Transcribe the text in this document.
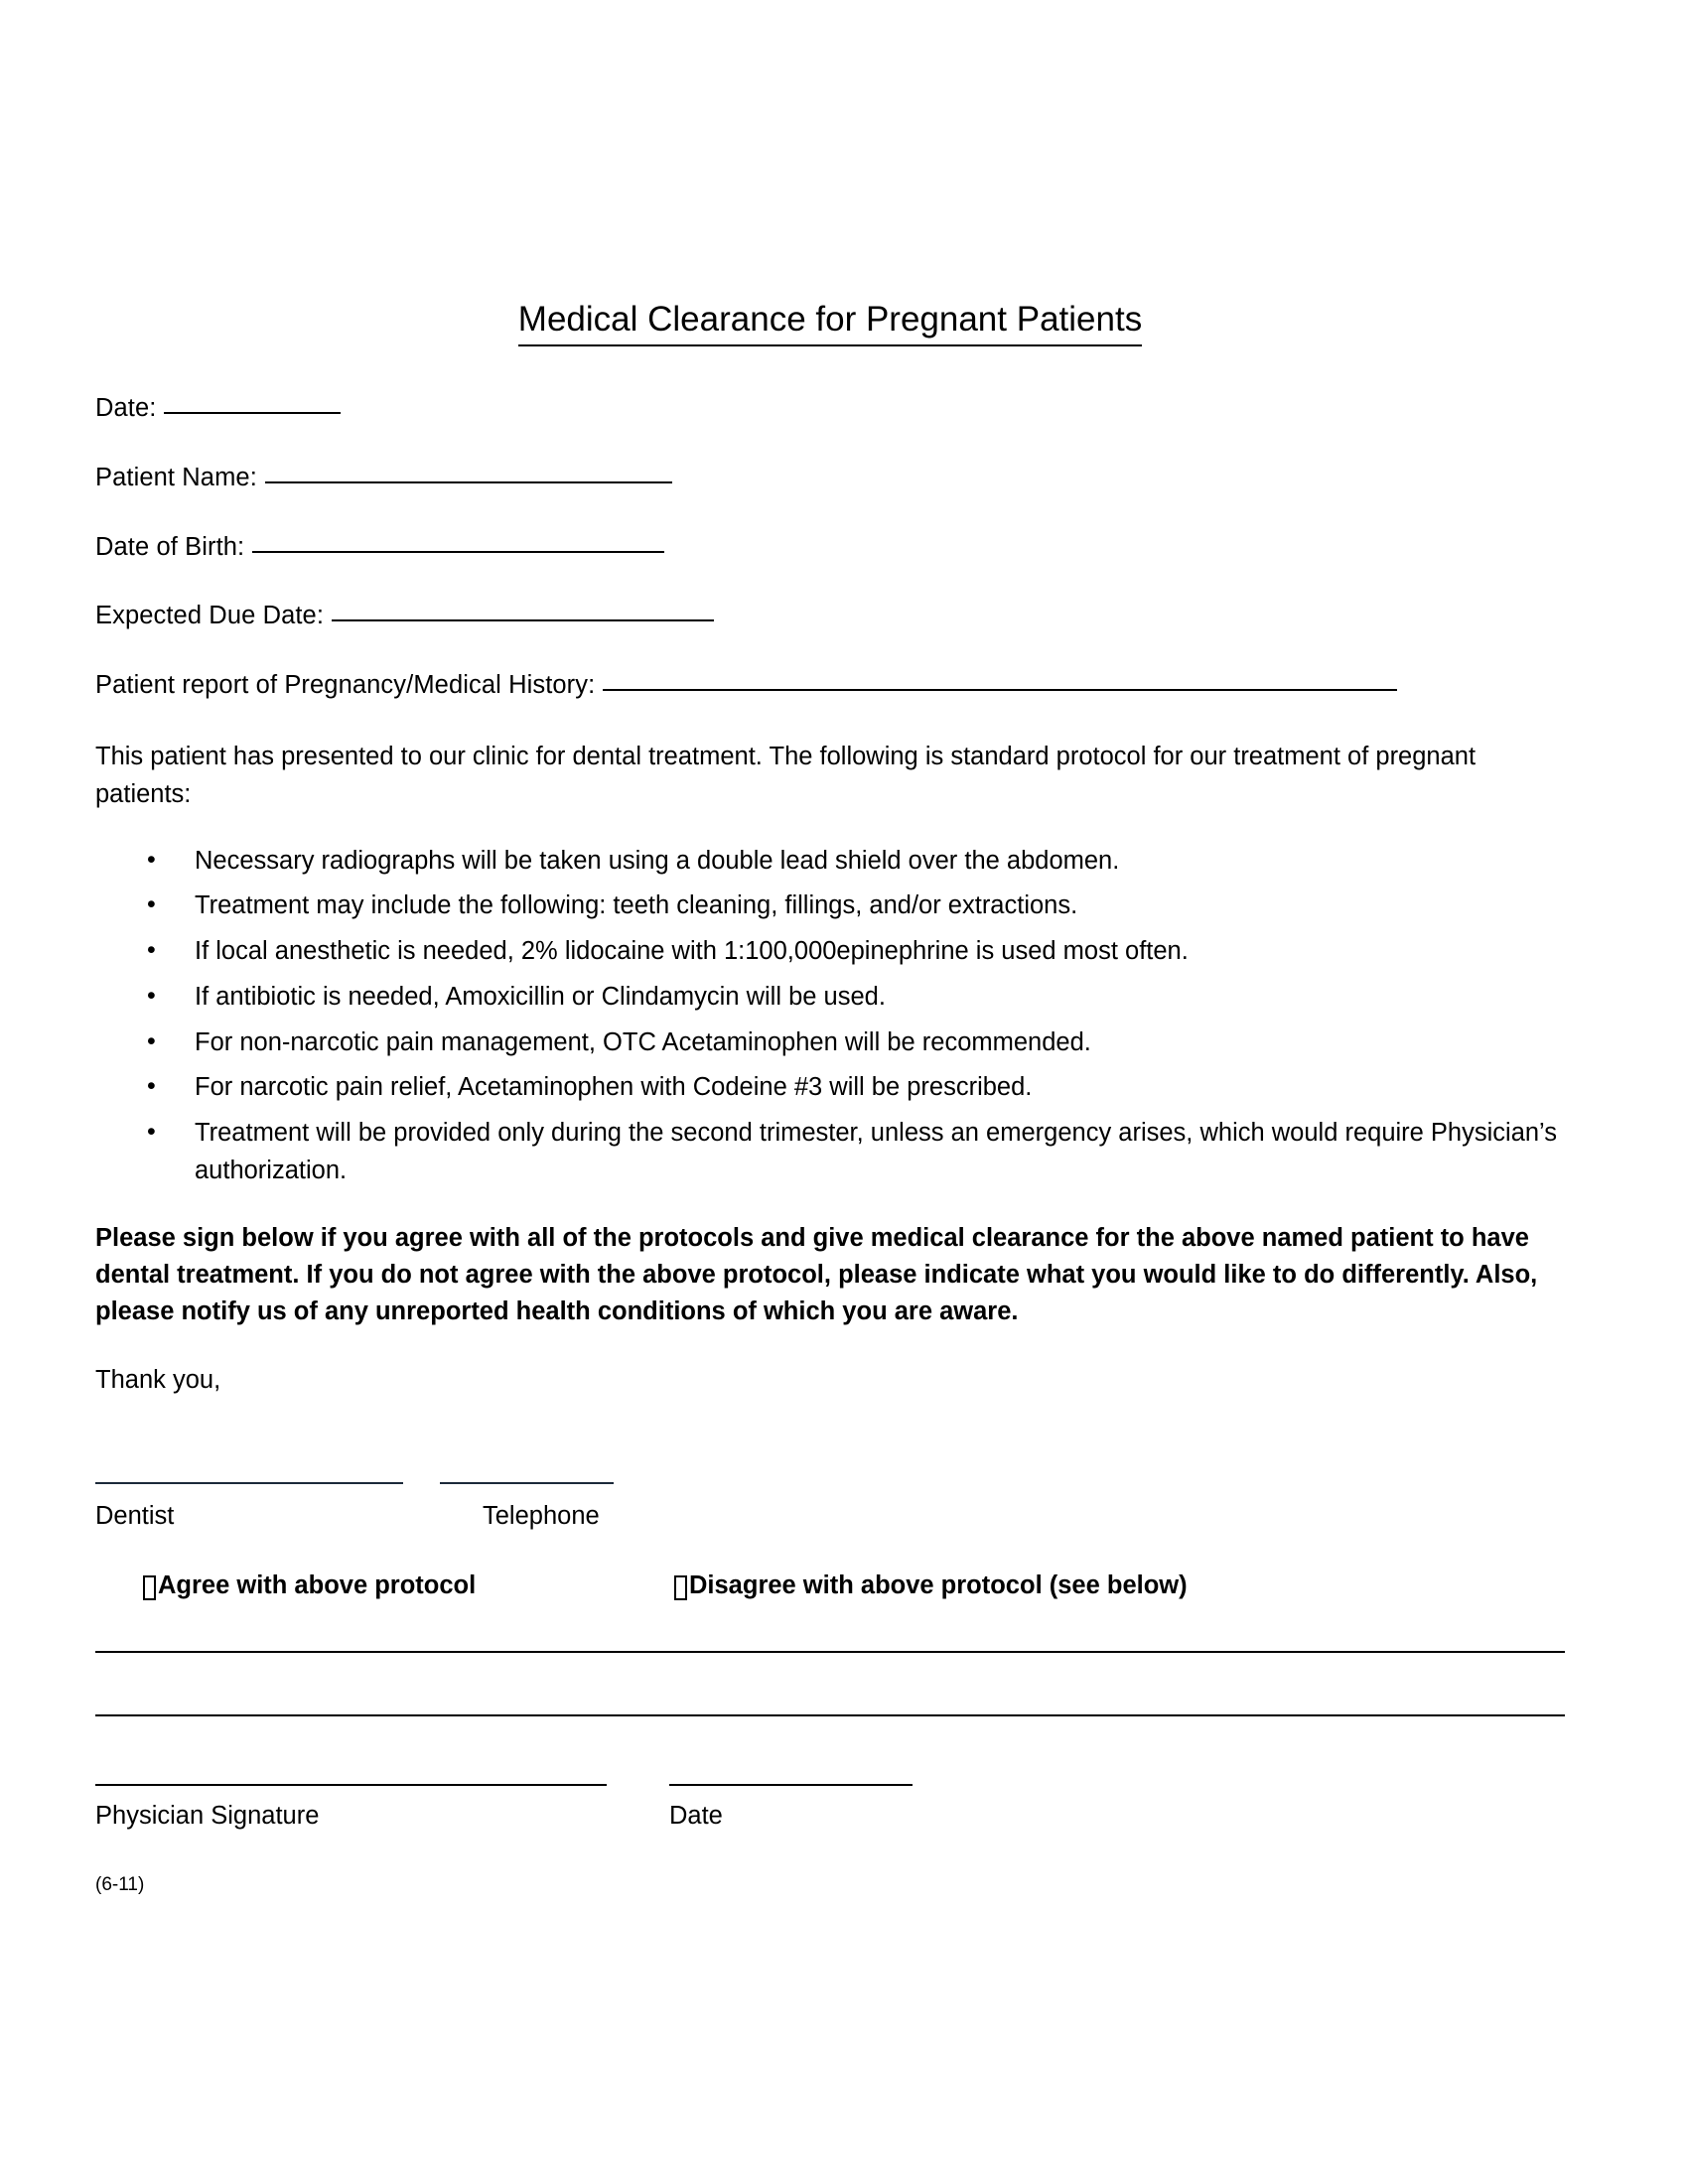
Medical Clearance for Pregnant Patients
Date:
Patient Name:
Date of Birth:
Expected Due Date:
Patient report of Pregnancy/Medical History:

This patient has presented to our clinic for dental treatment. The following is standard protocol for our treatment of pregnant patients:

• Necessary radiographs will be taken using a double lead shield over the abdomen.
• Treatment may include the following: teeth cleaning, fillings, and/or extractions.
• If local anesthetic is needed, 2% lidocaine with 1:100,000epinephrine is used most often.
• If antibiotic is needed, Amoxicillin or Clindamycin will be used.
• For non-narcotic pain management, OTC Acetaminophen will be recommended.
• For narcotic pain relief, Acetaminophen with Codeine #3 will be prescribed.
• Treatment will be provided only during the second trimester, unless an emergency arises, which would require Physician’s authorization.

Please sign below if you agree with all of the protocols and give medical clearance for the above named patient to have dental treatment. If you do not agree with the above protocol, please indicate what you would like to do differently. Also, please notify us of any unreported health conditions of which you are aware.

Thank you,

Dentist	Telephone
Agree with above protocol	Disagree with above protocol (see below)
Physician Signature	Date
(6-11)
